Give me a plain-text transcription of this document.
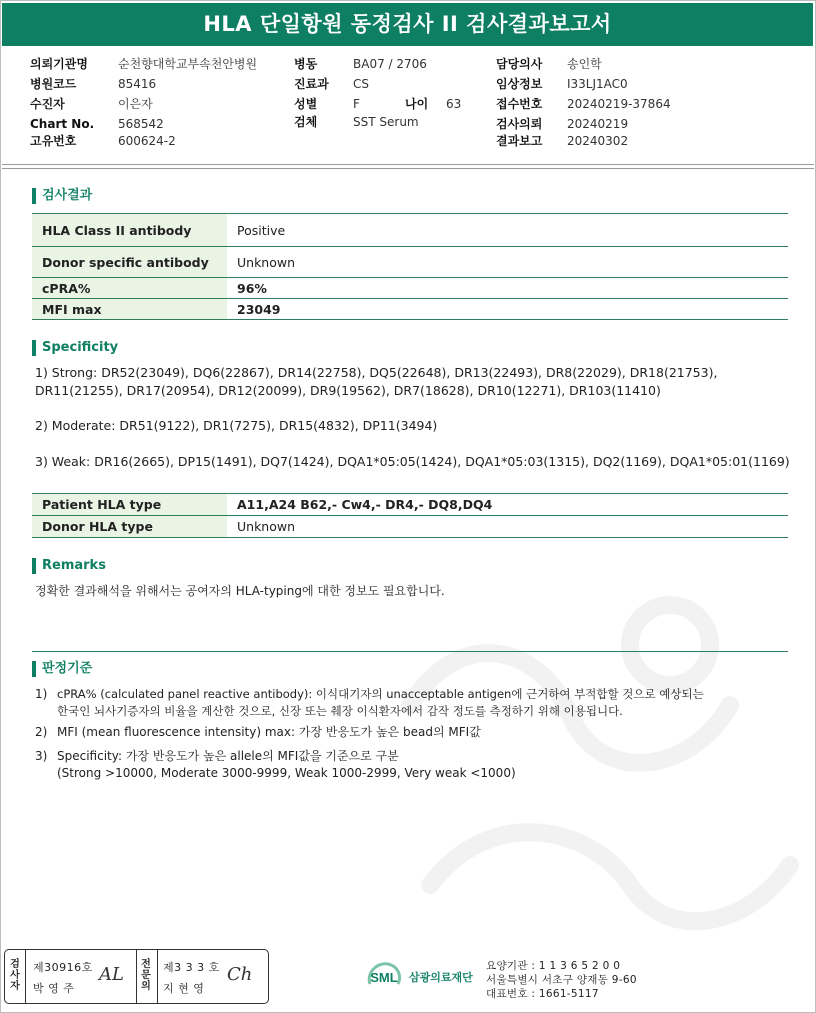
HLA 단일항원 동정검사 II 검사결과보고서
의뢰기관명	순천향대학교부속천안병원
병원코드	85416
수진자	이은자
Chart No. 568542
고유번호	600624-2
병동	BA07 / 2706
진료과 CS
성별	F	나이 63
검체	SST Serum
담당의사 송인학
임상정보 I33LJ1AC0
접수번호 20240219-37864
검사의뢰 20240219
결과보고 20240302
검사결과
HLA Class II antibody	Positive
Donor specific antibody	Unknown
cPRA%	96%
MFI max	23049
Specificity
1) Strong: DR52(23049), DQ6(22867), DR14(22758), DQ5(22648), DR13(22493), DR8(22029), DR18(21753),
DR11(21255), DR17(20954), DR12(20099), DR9(19562), DR7(18628), DR10(12271), DR103(11410)
2) Moderate: DR51(9122), DR1(7275), DR15(4832), DP11(3494)
3) Weak: DR16(2665), DP15(1491), DQ7(1424), DQA1*05:05(1424), DQA1*05:03(1315), DQ2(1169), DQA1*05:01(1169)
Patient HLA type	A11,A24 B62,- Cw4,- DR4,- DQ8,DQ4
Donor HLA type	Unknown
Remarks
정확한 결과해석을 위해서는 공여자의 HLA-typing에 대한 정보도 필요합니다.
판정기준
1) cPRA% (calculated panel reactive antibody): 이식대기자의 unacceptable antigen에 근거하여 부적합할 것으로 예상되는
한국인 뇌사기증자의 비율을 계산한 것으로, 신장 또는 췌장 이식환자에서 감작 정도를 측정하기 위해 이용됩니다.
2) MFI (mean fluorescence intensity) max: 가장 반응도가 높은 bead의 MFI값
3) Specificity: 가장 반응도가 높은 allele의 MFI값을 기준으로 구분
(Strong >10000, Moderate 3000-9999, Weak 1000-2999, Very weak <1000)
검
사
자
제30916호
박 영 주
AL 전
문
의
제3 3 3 호
지 현 영
Ch	SML 삼광의료재단
요양기관 : 1 1 3 6 5 2 0 0
서울특별시 서초구 양재동 9-60
대표번호 : 1661-5117
